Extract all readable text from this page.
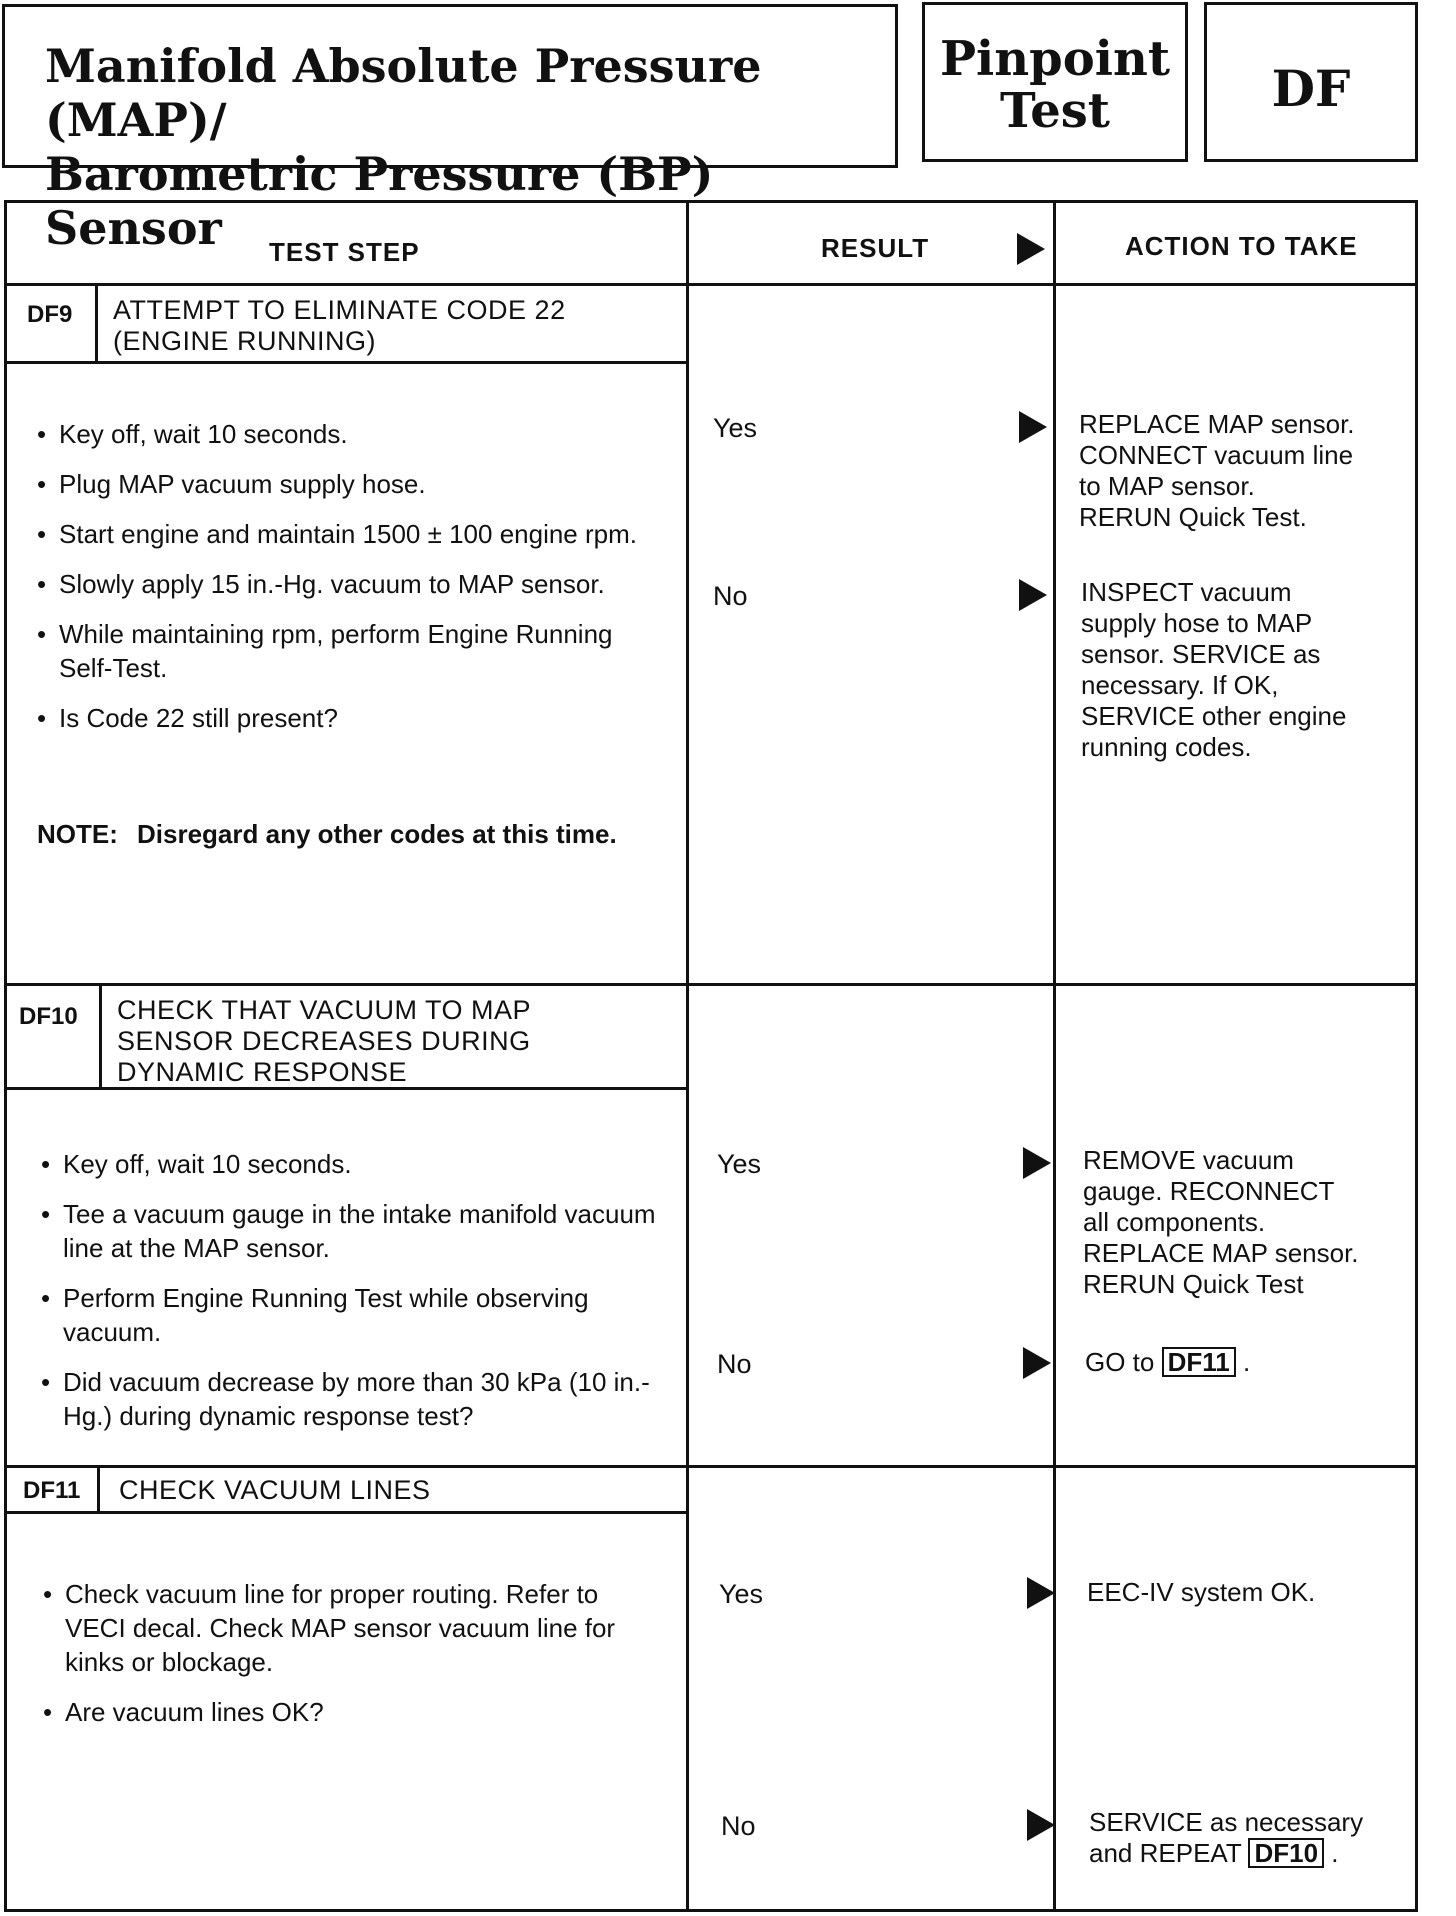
Manifold Absolute Pressure (MAP)/
Barometric Pressure (BP) Sensor
Pinpoint
Test	DF
TEST STEP	RESULT	ACTION TO TAKE
DF9 ATTEMPT TO ELIMINATE CODE 22
(ENGINE RUNNING)
• Key off, wait 10 seconds.
• Plug MAP vacuum supply hose.
• Start engine and maintain 1500 ± 100 engine rpm.
• Slowly apply 15 in.-Hg. vacuum to MAP sensor.
• While maintaining rpm, perform Engine Running Self-Test.
• Is Code 22 still present?
NOTE: Disregard any other codes at this time.
Yes	REPLACE MAP sensor.
CONNECT vacuum line
to MAP sensor.
RERUN Quick Test.
No	INSPECT vacuum
supply hose to MAP
sensor. SERVICE as
necessary. If OK,
SERVICE other engine
running codes.
DF10 CHECK THAT VACUUM TO MAP
SENSOR DECREASES DURING
DYNAMIC RESPONSE
• Key off, wait 10 seconds.
• Tee a vacuum gauge in the intake manifold vacuum line at the MAP sensor.
• Perform Engine Running Test while observing vacuum.
• Did vacuum decrease by more than 30 kPa (10 in.-Hg.) during dynamic response test?
Yes	REMOVE vacuum
gauge. RECONNECT
all components.
REPLACE MAP sensor.
RERUN Quick Test
No	GO to DF11 .
DF11 CHECK VACUUM LINES
• Check vacuum line for proper routing. Refer to VECI decal. Check MAP sensor vacuum line for kinks or blockage.
• Are vacuum lines OK?
Yes	EEC-IV system OK.
No	SERVICE as necessary
and REPEAT DF10 .
